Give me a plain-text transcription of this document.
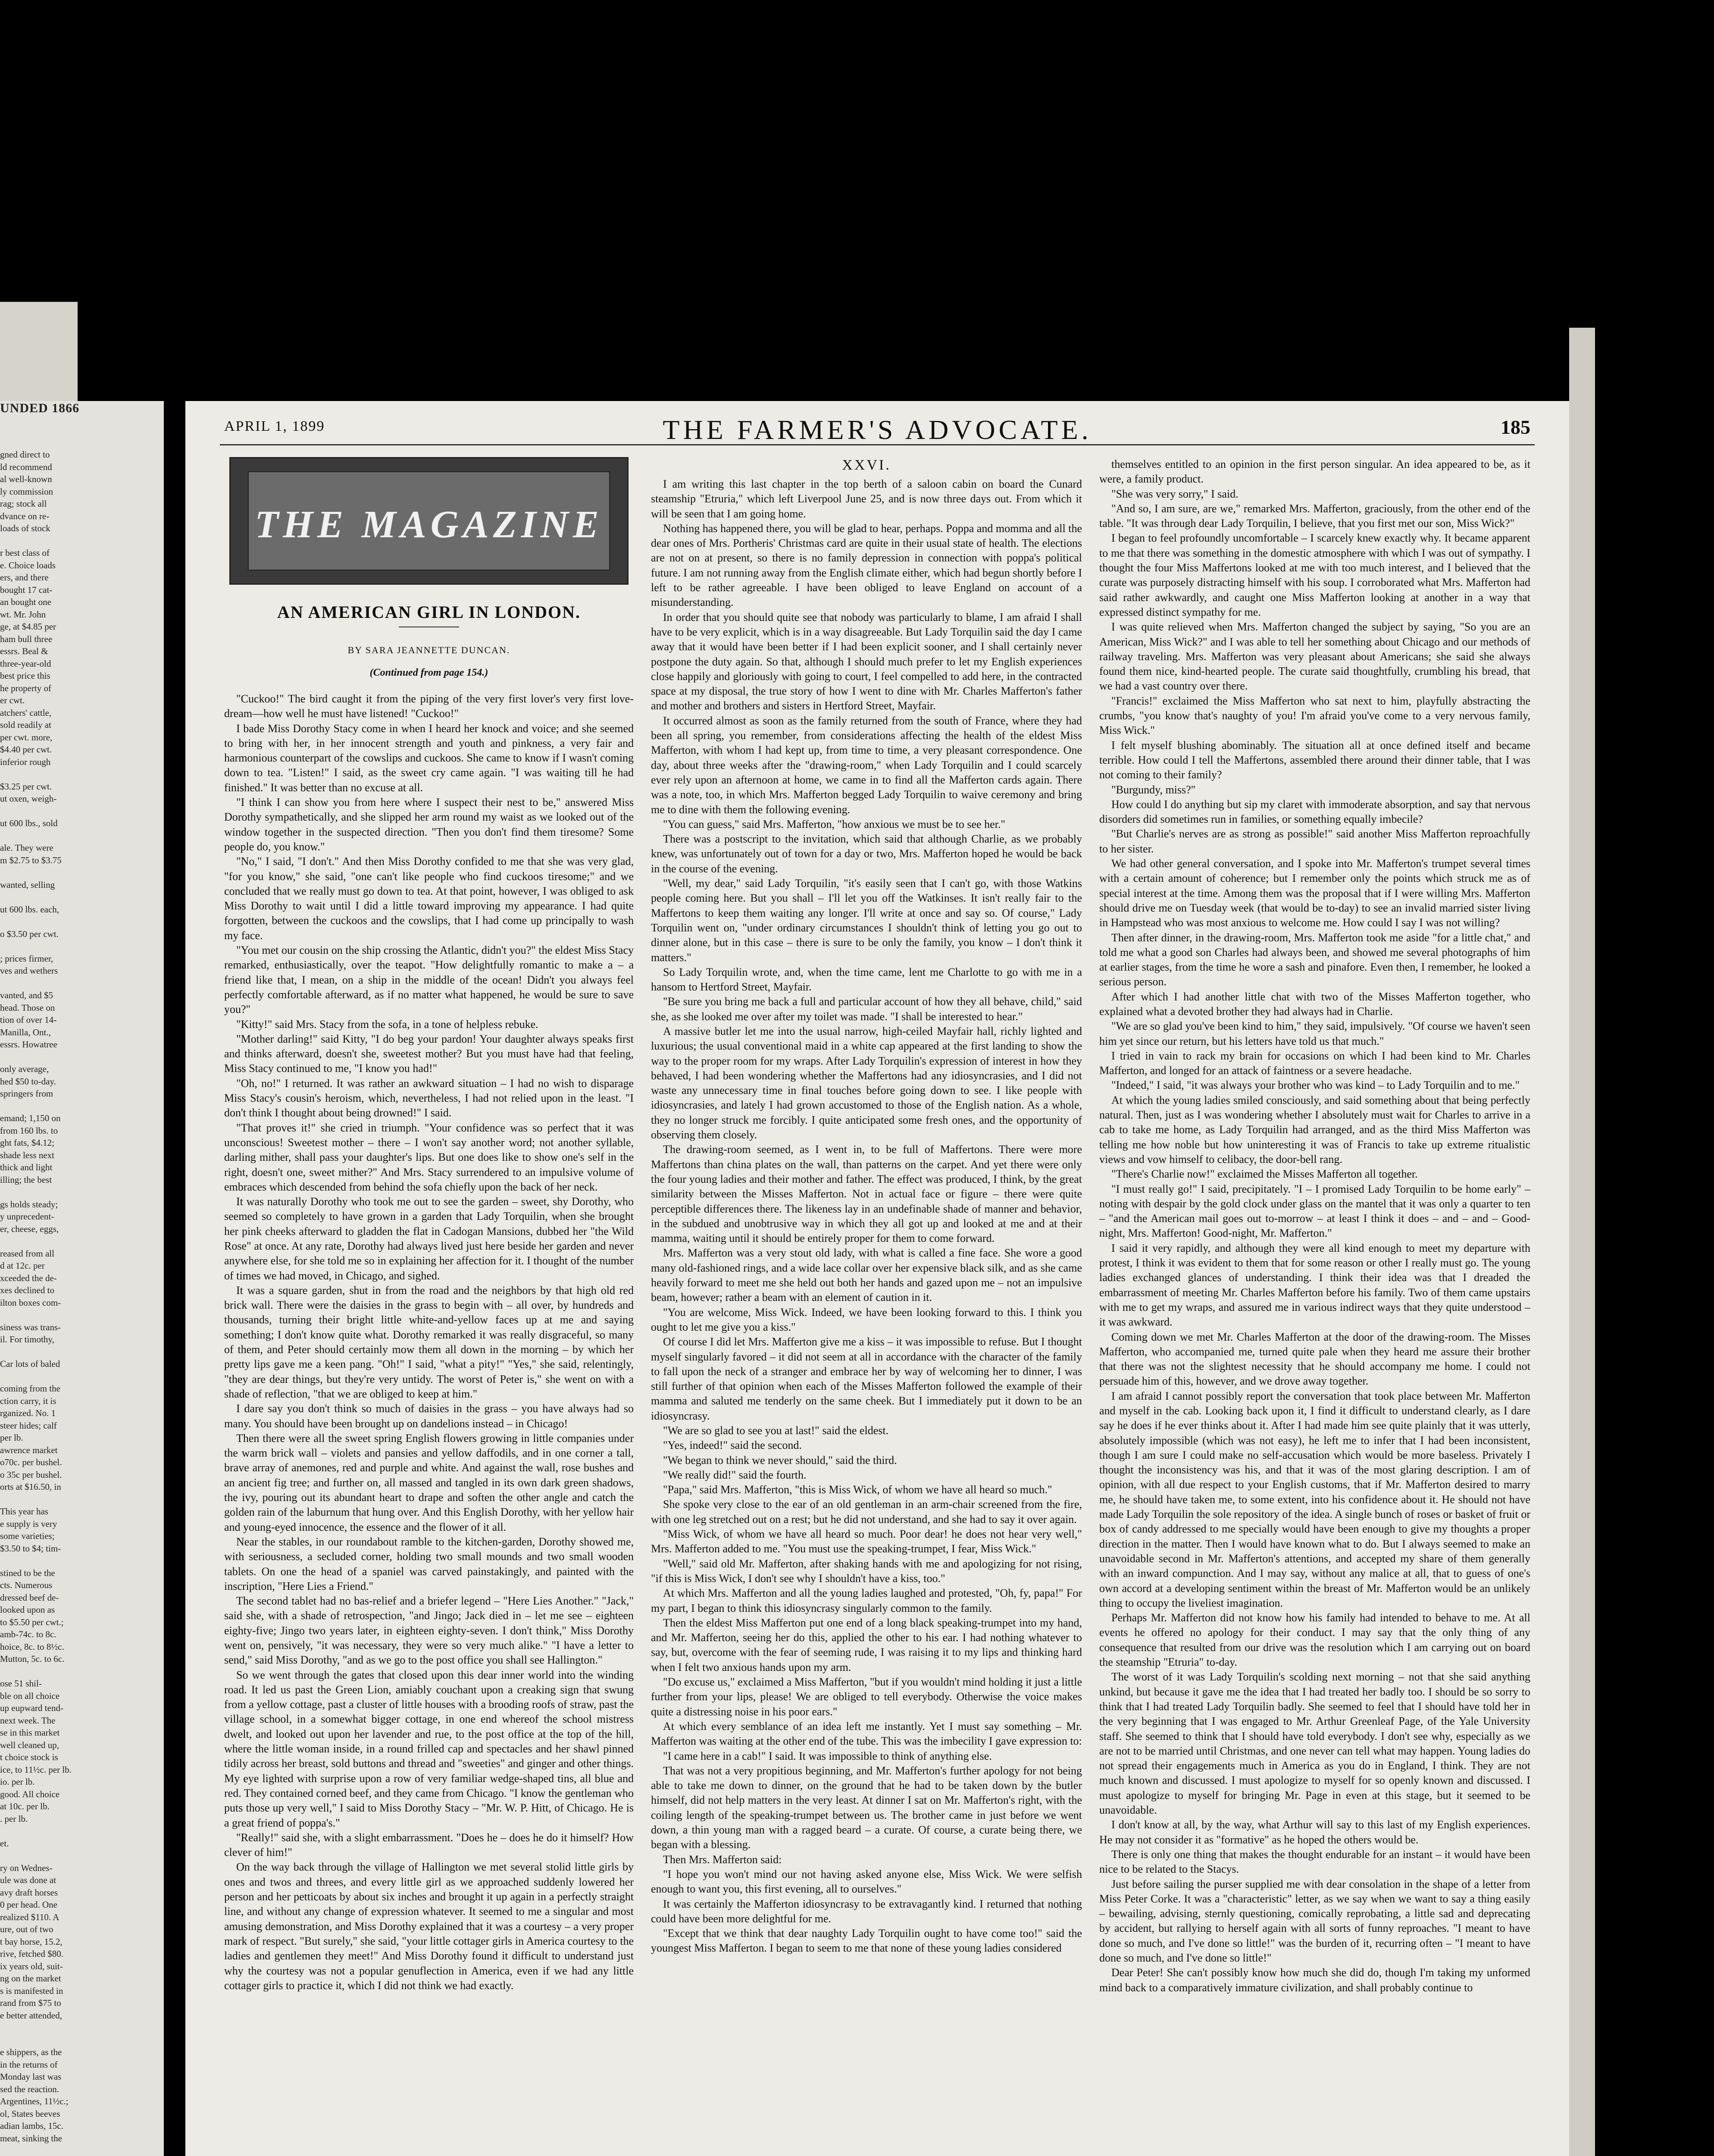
UNDED 1866
gned direct to
ld recommend
al well-known
ly commission
rag; stock all
dvance on re-
loads of stock

r best class of
e. Choice loads
ers, and there
bought 17 cat-
an bought one
wt. Mr. John
ge, at $4.85 per
ham bull three
essrs. Beal &
three-year-old
best price this
he property of
er cwt.
atchers' cattle,
sold readily at
per cwt. more,
$4.40 per cwt.
inferior rough

$3.25 per cwt.
ut oxen, weigh-

ut 600 lbs., sold

ale. They were
m $2.75 to $3.75

wanted, selling

ut 600 lbs. each,

o $3.50 per cwt.

; prices firmer,
ves and wethers

vanted, and $5
head. Those on
tion of over 14-
Manilla, Ont.,
essrs. Howatree

only average,
hed $50 to-day.
springers from

emand; 1,150 on
from 160 lbs. to
ght fats, $4.12;
shade less next
thick and light
illing; the best

gs holds steady;
y unprecedent-
er, cheese, eggs,

reased from all
d at 12c. per
xceeded the de-
xes declined to
ilton boxes com-

siness was trans-
il. For timothy,

Car lots of baled

coming from the
ction carry, it is
rganized. No. 1
steer hides; calf
per lb.
awrence market
o70c. per bushel.
o 35c per bushel.
orts at $16.50, in

This year has
e supply is very
some varieties;
$3.50 to $4; tim-

stined to be the
cts. Numerous
dressed beef de-
looked upon as
to $5.50 per cwt.;
amb-74c. to 8c.
hoice, 8c. to 8½c.
Mutton, 5c. to 6c.

ose 51 shil-
ble on all choice
up eupward tend-
next week. The
se in this market
well cleaned up,
t choice stock is
ice, to 11½c. per lb.
io. per lb.
good. All choice
at 10c. per lb.
. per lb.

et.

ry on Wednes-
ule was done at
avy draft horses
0 per head. One
realized $110. A
ure, out of two
t bay horse, 15.2,
rive, fetched $80.
ix years old, suit-
ng on the market
s is manifested in
rand from $75 to
e better attended,

e shippers, as the
in the returns of
Monday last was
sed the reaction.
Argentines, 11½c.;
ol, States beeves
adian lambs, 15c.
meat, sinking the
THE FARMER'S ADVOCATE.
APRIL 1, 1899	185
THE MAGAZINE
AN AMERICAN GIRL IN LONDON.
BY SARA JEANNETTE DUNCAN.
(Continued from page 154.)

"Cuckoo!" The bird caught it from the piping of the very first lover's very first love-dream—how well he must have listened! "Cuckoo!"

I bade Miss Dorothy Stacy come in when I heard her knock and voice; and she seemed to bring with her, in her innocent strength and youth and pinkness, a very fair and harmonious counterpart of the cowslips and cuckoos. She came to know if I wasn't coming down to tea. "Listen!" I said, as the sweet cry came again. "I was waiting till he had finished." It was better than no excuse at all.

"I think I can show you from here where I suspect their nest to be," answered Miss Dorothy sympathetically, and she slipped her arm round my waist as we looked out of the window together in the suspected direction. "Then you don't find them tiresome? Some people do, you know."

"No," I said, "I don't." And then Miss Dorothy confided to me that she was very glad, "for you know," she said, "one can't like people who find cuckoos tiresome;" and we concluded that we really must go down to tea. At that point, however, I was obliged to ask Miss Dorothy to wait until I did a little toward improving my appearance. I had quite forgotten, between the cuckoos and the cowslips, that I had come up principally to wash my face.

"You met our cousin on the ship crossing the Atlantic, didn't you?" the eldest Miss Stacy remarked, enthusiastically, over the teapot. "How delightfully romantic to make a – a friend like that, I mean, on a ship in the middle of the ocean! Didn't you always feel perfectly comfortable afterward, as if no matter what happened, he would be sure to save you?"

"Kitty!" said Mrs. Stacy from the sofa, in a tone of helpless rebuke.

"Mother darling!" said Kitty, "I do beg your pardon! Your daughter always speaks first and thinks afterward, doesn't she, sweetest mother? But you must have had that feeling, Miss Stacy continued to me, "I know you had!"

"Oh, no!" I returned. It was rather an awkward situation – I had no wish to disparage Miss Stacy's cousin's heroism, which, nevertheless, I had not relied upon in the least. "I don't think I thought about being drowned!" I said.

"That proves it!" she cried in triumph. "Your confidence was so perfect that it was unconscious! Sweetest mother – there – I won't say another word; not another syllable, darling mither, shall pass your daughter's lips. But one does like to show one's self in the right, doesn't one, sweet mither?" And Mrs. Stacy surrendered to an impulsive volume of embraces which descended from behind the sofa chiefly upon the back of her neck.

It was naturally Dorothy who took me out to see the garden – sweet, shy Dorothy, who seemed so completely to have grown in a garden that Lady Torquilin, when she brought her pink cheeks afterward to gladden the flat in Cadogan Mansions, dubbed her "the Wild Rose" at once. At any rate, Dorothy had always lived just here beside her garden and never anywhere else, for she told me so in explaining her affection for it. I thought of the number of times we had moved, in Chicago, and sighed.

It was a square garden, shut in from the road and the neighbors by that high old red brick wall. There were the daisies in the grass to begin with – all over, by hundreds and thousands, turning their bright little white-and-yellow faces up at me and saying something; I don't know quite what. Dorothy remarked it was really disgraceful, so many of them, and Peter should certainly mow them all down in the morning – by which her pretty lips gave me a keen pang. "Oh!" I said, "what a pity!" "Yes," she said, relentingly, "they are dear things, but they're very untidy. The worst of Peter is," she went on with a shade of reflection, "that we are obliged to keep at him."

I dare say you don't think so much of daisies in the grass – you have always had so many. You should have been brought up on dandelions instead – in Chicago!

Then there were all the sweet spring English flowers growing in little companies under the warm brick wall – violets and pansies and yellow daffodils, and in one corner a tall, brave array of anemones, red and purple and white. And against the wall, rose bushes and an ancient fig tree; and further on, all massed and tangled in its own dark green shadows, the ivy, pouring out its abundant heart to drape and soften the other angle and catch the golden rain of the laburnum that hung over. And this English Dorothy, with her yellow hair and young-eyed innocence, the essence and the flower of it all.

Near the stables, in our roundabout ramble to the kitchen-garden, Dorothy showed me, with seriousness, a secluded corner, holding two small mounds and two small wooden tablets. On one the head of a spaniel was carved painstakingly, and painted with the inscription, "Here Lies a Friend."

The second tablet had no bas-relief and a briefer legend – "Here Lies Another." "Jack," said she, with a shade of retrospection, "and Jingo; Jack died in – let me see – eighteen eighty-five; Jingo two years later, in eighteen eighty-seven. I don't think," Miss Dorothy went on, pensively, "it was necessary, they were so very much alike." "I have a letter to send," said Miss Dorothy, "and as we go to the post office you shall see Hallington."

So we went through the gates that closed upon this dear inner world into the winding road. It led us past the Green Lion, amiably couchant upon a creaking sign that swung from a yellow cottage, past a cluster of little houses with a brooding roofs of straw, past the village school, in a somewhat bigger cottage, in one end whereof the school mistress dwelt, and looked out upon her lavender and rue, to the post office at the top of the hill, where the little woman inside, in a round frilled cap and spectacles and her shawl pinned tidily across her breast, sold buttons and thread and "sweeties" and ginger and other things. My eye lighted with surprise upon a row of very familiar wedge-shaped tins, all blue and red. They contained corned beef, and they came from Chicago. "I know the gentleman who puts those up very well," I said to Miss Dorothy Stacy – "Mr. W. P. Hitt, of Chicago. He is a great friend of poppa's."

"Really!" said she, with a slight embarrassment. "Does he – does he do it himself? How clever of him!"

On the way back through the village of Hallington we met several stolid little girls by ones and twos and threes, and every little girl as we approached suddenly lowered her person and her petticoats by about six inches and brought it up again in a perfectly straight line, and without any change of expression whatever. It seemed to me a singular and most amusing demonstration, and Miss Dorothy explained that it was a courtesy – a very proper mark of respect. "But surely," she said, "your little cottager girls in America courtesy to the ladies and gentlemen they meet!" And Miss Dorothy found it difficult to understand just why the courtesy was not a popular genuflection in America, even if we had any little cottager girls to practice it, which I did not think we had exactly.

XXVI.

I am writing this last chapter in the top berth of a saloon cabin on board the Cunard steamship "Etruria," which left Liverpool June 25, and is now three days out. From which it will be seen that I am going home.

Nothing has happened there, you will be glad to hear, perhaps. Poppa and momma and all the dear ones of Mrs. Portheris' Christmas card are quite in their usual state of health. The elections are not on at present, so there is no family depression in connection with poppa's political future. I am not running away from the English climate either, which had begun shortly before I left to be rather agreeable. I have been obliged to leave England on account of a misunderstanding.

In order that you should quite see that nobody was particularly to blame, I am afraid I shall have to be very explicit, which is in a way disagreeable. But Lady Torquilin said the day I came away that it would have been better if I had been explicit sooner, and I shall certainly never postpone the duty again. So that, although I should much prefer to let my English experiences close happily and gloriously with going to court, I feel compelled to add here, in the contracted space at my disposal, the true story of how I went to dine with Mr. Charles Mafferton's father and mother and brothers and sisters in Hertford Street, Mayfair.

It occurred almost as soon as the family returned from the south of France, where they had been all spring, you remember, from considerations affecting the health of the eldest Miss Mafferton, with whom I had kept up, from time to time, a very pleasant correspondence. One day, about three weeks after the "drawing-room," when Lady Torquilin and I could scarcely ever rely upon an afternoon at home, we came in to find all the Mafferton cards again. There was a note, too, in which Mrs. Mafferton begged Lady Torquilin to waive ceremony and bring me to dine with them the following evening.

"You can guess," said Mrs. Mafferton, "how anxious we must be to see her."

There was a postscript to the invitation, which said that although Charlie, as we probably knew, was unfortunately out of town for a day or two, Mrs. Mafferton hoped he would be back in the course of the evening.

"Well, my dear," said Lady Torquilin, "it's easily seen that I can't go, with those Watkins people coming here. But you shall – I'll let you off the Watkinses. It isn't really fair to the Maffertons to keep them waiting any longer. I'll write at once and say so. Of course," Lady Torquilin went on, "under ordinary circumstances I shouldn't think of letting you go out to dinner alone, but in this case – there is sure to be only the family, you know – I don't think it matters."

So Lady Torquilin wrote, and, when the time came, lent me Charlotte to go with me in a hansom to Hertford Street, Mayfair.

"Be sure you bring me back a full and particular account of how they all behave, child," said she, as she looked me over after my toilet was made. "I shall be interested to hear."

A massive butler let me into the usual narrow, high-ceiled Mayfair hall, richly lighted and luxurious; the usual conventional maid in a white cap appeared at the first landing to show the way to the proper room for my wraps. After Lady Torquilin's expression of interest in how they behaved, I had been wondering whether the Maffertons had any idiosyncrasies, and I did not waste any unnecessary time in final touches before going down to see. I like people with idiosyncrasies, and lately I had grown accustomed to those of the English nation. As a whole, they no longer struck me forcibly. I quite anticipated some fresh ones, and the opportunity of observing them closely.

The drawing-room seemed, as I went in, to be full of Maffertons. There were more Maffertons than china plates on the wall, than patterns on the carpet. And yet there were only the four young ladies and their mother and father. The effect was produced, I think, by the great similarity between the Misses Mafferton. Not in actual face or figure – there were quite perceptible differences there. The likeness lay in an undefinable shade of manner and behavior, in the subdued and unobtrusive way in which they all got up and looked at me and at their mamma, waiting until it should be entirely proper for them to come forward.

Mrs. Mafferton was a very stout old lady, with what is called a fine face. She wore a good many old-fashioned rings, and a wide lace collar over her expensive black silk, and as she came heavily forward to meet me she held out both her hands and gazed upon me – not an impulsive beam, however; rather a beam with an element of caution in it.

"You are welcome, Miss Wick. Indeed, we have been looking forward to this. I think you ought to let me give you a kiss."

Of course I did let Mrs. Mafferton give me a kiss – it was impossible to refuse. But I thought myself singularly favored – it did not seem at all in accordance with the character of the family to fall upon the neck of a stranger and embrace her by way of welcoming her to dinner, I was still further of that opinion when each of the Misses Mafferton followed the example of their mamma and saluted me tenderly on the same cheek. But I immediately put it down to be an idiosyncrasy.

"We are so glad to see you at last!" said the eldest.

"Yes, indeed!" said the second.

"We began to think we never should," said the third.

"We really did!" said the fourth.

"Papa," said Mrs. Mafferton, "this is Miss Wick, of whom we have all heard so much."

She spoke very close to the ear of an old gentleman in an arm-chair screened from the fire, with one leg stretched out on a rest; but he did not understand, and she had to say it over again.

"Miss Wick, of whom we have all heard so much. Poor dear! he does not hear very well," Mrs. Mafferton added to me. "You must use the speaking-trumpet, I fear, Miss Wick."

"Well," said old Mr. Mafferton, after shaking hands with me and apologizing for not rising, "if this is Miss Wick, I don't see why I shouldn't have a kiss, too."

At which Mrs. Mafferton and all the young ladies laughed and protested, "Oh, fy, papa!" For my part, I began to think this idiosyncrasy singularly common to the family.

Then the eldest Miss Mafferton put one end of a long black speaking-trumpet into my hand, and Mr. Mafferton, seeing her do this, applied the other to his ear. I had nothing whatever to say, but, overcome with the fear of seeming rude, I was raising it to my lips and thinking hard when I felt two anxious hands upon my arm.

"Do excuse us," exclaimed a Miss Mafferton, "but if you wouldn't mind holding it just a little further from your lips, please! We are obliged to tell everybody. Otherwise the voice makes quite a distressing noise in his poor ears."

At which every semblance of an idea left me instantly. Yet I must say something – Mr. Mafferton was waiting at the other end of the tube. This was the imbecility I gave expression to:

"I came here in a cab!" I said. It was impossible to think of anything else.

That was not a very propitious beginning, and Mr. Mafferton's further apology for not being able to take me down to dinner, on the ground that he had to be taken down by the butler himself, did not help matters in the very least. At dinner I sat on Mr. Mafferton's right, with the coiling length of the speaking-trumpet between us. The brother came in just before we went down, a thin young man with a ragged beard – a curate. Of course, a curate being there, we began with a blessing.

Then Mrs. Mafferton said:

"I hope you won't mind our not having asked anyone else, Miss Wick. We were selfish enough to want you, this first evening, all to ourselves."

It was certainly the Mafferton idiosyncrasy to be extravagantly kind. I returned that nothing could have been more delightful for me.

"Except that we think that dear naughty Lady Torquilin ought to have come too!" said the youngest Miss Mafferton. I began to seem to me that none of these young ladies considered

themselves entitled to an opinion in the first person singular. An idea appeared to be, as it were, a family product.

"She was very sorry," I said.

"And so, I am sure, are we," remarked Mrs. Mafferton, graciously, from the other end of the table. "It was through dear Lady Torquilin, I believe, that you first met our son, Miss Wick?"

I began to feel profoundly uncomfortable – I scarcely knew exactly why. It became apparent to me that there was something in the domestic atmosphere with which I was out of sympathy. I thought the four Miss Maffertons looked at me with too much interest, and I believed that the curate was purposely distracting himself with his soup. I corroborated what Mrs. Mafferton had said rather awkwardly, and caught one Miss Mafferton looking at another in a way that expressed distinct sympathy for me.

I was quite relieved when Mrs. Mafferton changed the subject by saying, "So you are an American, Miss Wick?" and I was able to tell her something about Chicago and our methods of railway traveling. Mrs. Mafferton was very pleasant about Americans; she said she always found them nice, kind-hearted people. The curate said thoughtfully, crumbling his bread, that we had a vast country over there.

"Francis!" exclaimed the Miss Mafferton who sat next to him, playfully abstracting the crumbs, "you know that's naughty of you! I'm afraid you've come to a very nervous family, Miss Wick."

I felt myself blushing abominably. The situation all at once defined itself and became terrible. How could I tell the Maffertons, assembled there around their dinner table, that I was not coming to their family?

"Burgundy, miss?"

How could I do anything but sip my claret with immoderate absorption, and say that nervous disorders did sometimes run in families, or something equally imbecile?

"But Charlie's nerves are as strong as possible!" said another Miss Mafferton reproachfully to her sister.

We had other general conversation, and I spoke into Mr. Mafferton's trumpet several times with a certain amount of coherence; but I remember only the points which struck me as of special interest at the time. Among them was the proposal that if I were willing Mrs. Mafferton should drive me on Tuesday week (that would be to-day) to see an invalid married sister living in Hampstead who was most anxious to welcome me. How could I say I was not willing?

Then after dinner, in the drawing-room, Mrs. Mafferton took me aside "for a little chat," and told me what a good son Charles had always been, and showed me several photographs of him at earlier stages, from the time he wore a sash and pinafore. Even then, I remember, he looked a serious person.

After which I had another little chat with two of the Misses Mafferton together, who explained what a devoted brother they had always had in Charlie.

"We are so glad you've been kind to him," they said, impulsively. "Of course we haven't seen him yet since our return, but his letters have told us that much."

I tried in vain to rack my brain for occasions on which I had been kind to Mr. Charles Mafferton, and longed for an attack of faintness or a severe headache.

"Indeed," I said, "it was always your brother who was kind – to Lady Torquilin and to me."

At which the young ladies smiled consciously, and said something about that being perfectly natural. Then, just as I was wondering whether I absolutely must wait for Charles to arrive in a cab to take me home, as Lady Torquilin had arranged, and as the third Miss Mafferton was telling me how noble but how uninteresting it was of Francis to take up extreme ritualistic views and vow himself to celibacy, the door-bell rang.

"There's Charlie now!" exclaimed the Misses Mafferton all together.

"I must really go!" I said, precipitately. "I – I promised Lady Torquilin to be home early" – noting with despair by the gold clock under glass on the mantel that it was only a quarter to ten – "and the American mail goes out to-morrow – at least I think it does – and – and – Good-night, Mrs. Mafferton! Good-night, Mr. Mafferton."

I said it very rapidly, and although they were all kind enough to meet my departure with protest, I think it was evident to them that for some reason or other I really must go. The young ladies exchanged glances of understanding. I think their idea was that I dreaded the embarrassment of meeting Mr. Charles Mafferton before his family. Two of them came upstairs with me to get my wraps, and assured me in various indirect ways that they quite understood – it was awkward.

Coming down we met Mr. Charles Mafferton at the door of the drawing-room. The Misses Mafferton, who accompanied me, turned quite pale when they heard me assure their brother that there was not the slightest necessity that he should accompany me home. I could not persuade him of this, however, and we drove away together.

I am afraid I cannot possibly report the conversation that took place between Mr. Mafferton and myself in the cab. Looking back upon it, I find it difficult to understand clearly, as I dare say he does if he ever thinks about it. After I had made him see quite plainly that it was utterly, absolutely impossible (which was not easy), he left me to infer that I had been inconsistent, though I am sure I could make no self-accusation which would be more baseless. Privately I thought the inconsistency was his, and that it was of the most glaring description. I am of opinion, with all due respect to your English customs, that if Mr. Mafferton desired to marry me, he should have taken me, to some extent, into his confidence about it. He should not have made Lady Torquilin the sole repository of the idea. A single bunch of roses or basket of fruit or box of candy addressed to me specially would have been enough to give my thoughts a proper direction in the matter. Then I would have known what to do. But I always seemed to make an unavoidable second in Mr. Mafferton's attentions, and accepted my share of them generally with an inward compunction. And I may say, without any malice at all, that to guess of one's own accord at a developing sentiment within the breast of Mr. Mafferton would be an unlikely thing to occupy the liveliest imagination.

Perhaps Mr. Mafferton did not know how his family had intended to behave to me. At all events he offered no apology for their conduct. I may say that the only thing of any consequence that resulted from our drive was the resolution which I am carrying out on board the steamship "Etruria" to-day.

The worst of it was Lady Torquilin's scolding next morning – not that she said anything unkind, but because it gave me the idea that I had treated her badly too. I should be so sorry to think that I had treated Lady Torquilin badly. She seemed to feel that I should have told her in the very beginning that I was engaged to Mr. Arthur Greenleaf Page, of the Yale University staff. She seemed to think that I should have told everybody. I don't see why, especially as we are not to be married until Christmas, and one never can tell what may happen. Young ladies do not spread their engagements much in America as you do in England, I think. They are not much known and discussed. I must apologize to myself for so openly known and discussed. I must apologize to myself for bringing Mr. Page in even at this stage, but it seemed to be unavoidable.

I don't know at all, by the way, what Arthur will say to this last of my English experiences. He may not consider it as "formative" as he hoped the others would be.

There is only one thing that makes the thought endurable for an instant – it would have been nice to be related to the Stacys.

Just before sailing the purser supplied me with dear consolation in the shape of a letter from Miss Peter Corke. It was a "characteristic" letter, as we say when we want to say a thing easily – bewailing, advising, sternly questioning, comically reprobating, a little sad and deprecating by accident, but rallying to herself again with all sorts of funny reproaches. "I meant to have done so much, and I've done so little!" was the burden of it, recurring often – "I meant to have done so much, and I've done so little!"

Dear Peter! She can't possibly know how much she did do, though I'm taking my unformed mind back to a comparatively immature civilization, and shall probably continue to
